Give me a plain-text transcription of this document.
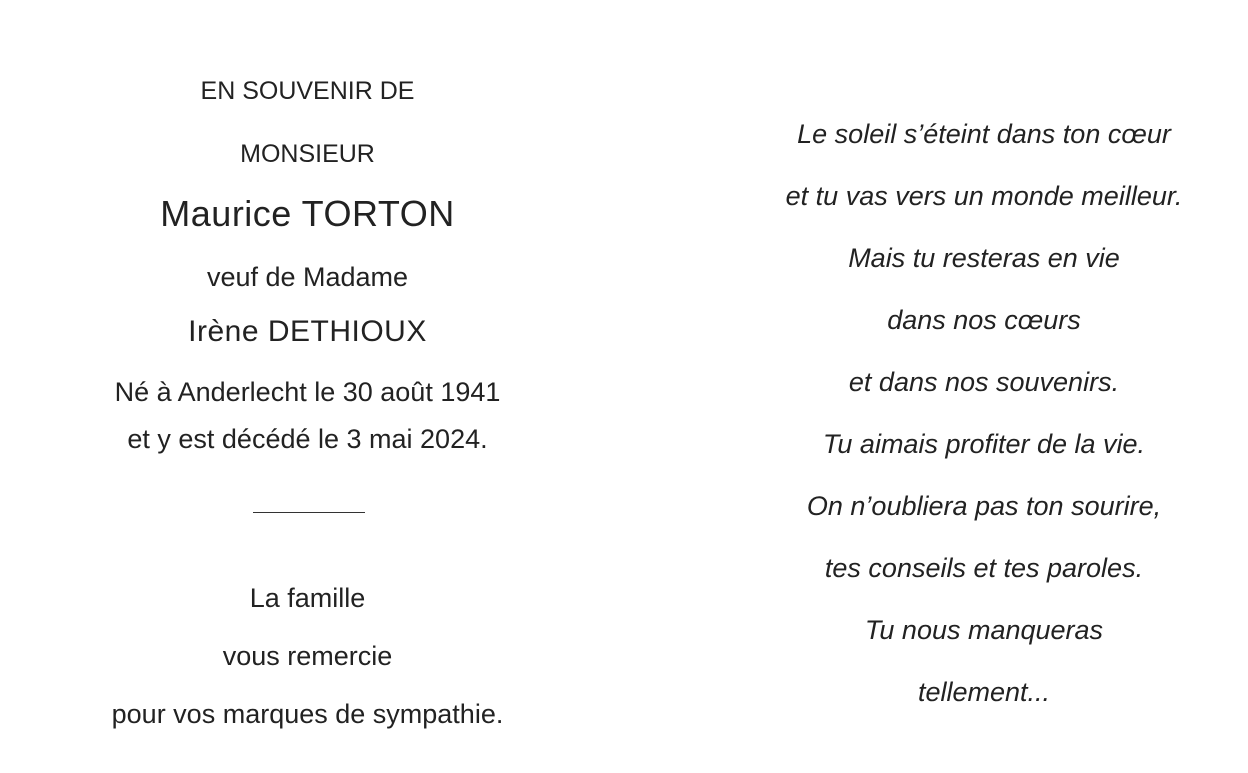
EN SOUVENIR DE
MONSIEUR
Maurice TORTON
veuf de Madame
Irène DETHIOUX
Né à Anderlecht le 30 août 1941
et y est décédé le 3 mai 2024.
La famille
vous remercie
pour vos marques de sympathie.
Le soleil s’éteint dans ton cœur
et tu vas vers un monde meilleur.
Mais tu resteras en vie
dans nos cœurs
et dans nos souvenirs.
Tu aimais profiter de la vie.
On n’oubliera pas ton sourire,
tes conseils et tes paroles.
Tu nous manqueras
tellement...
